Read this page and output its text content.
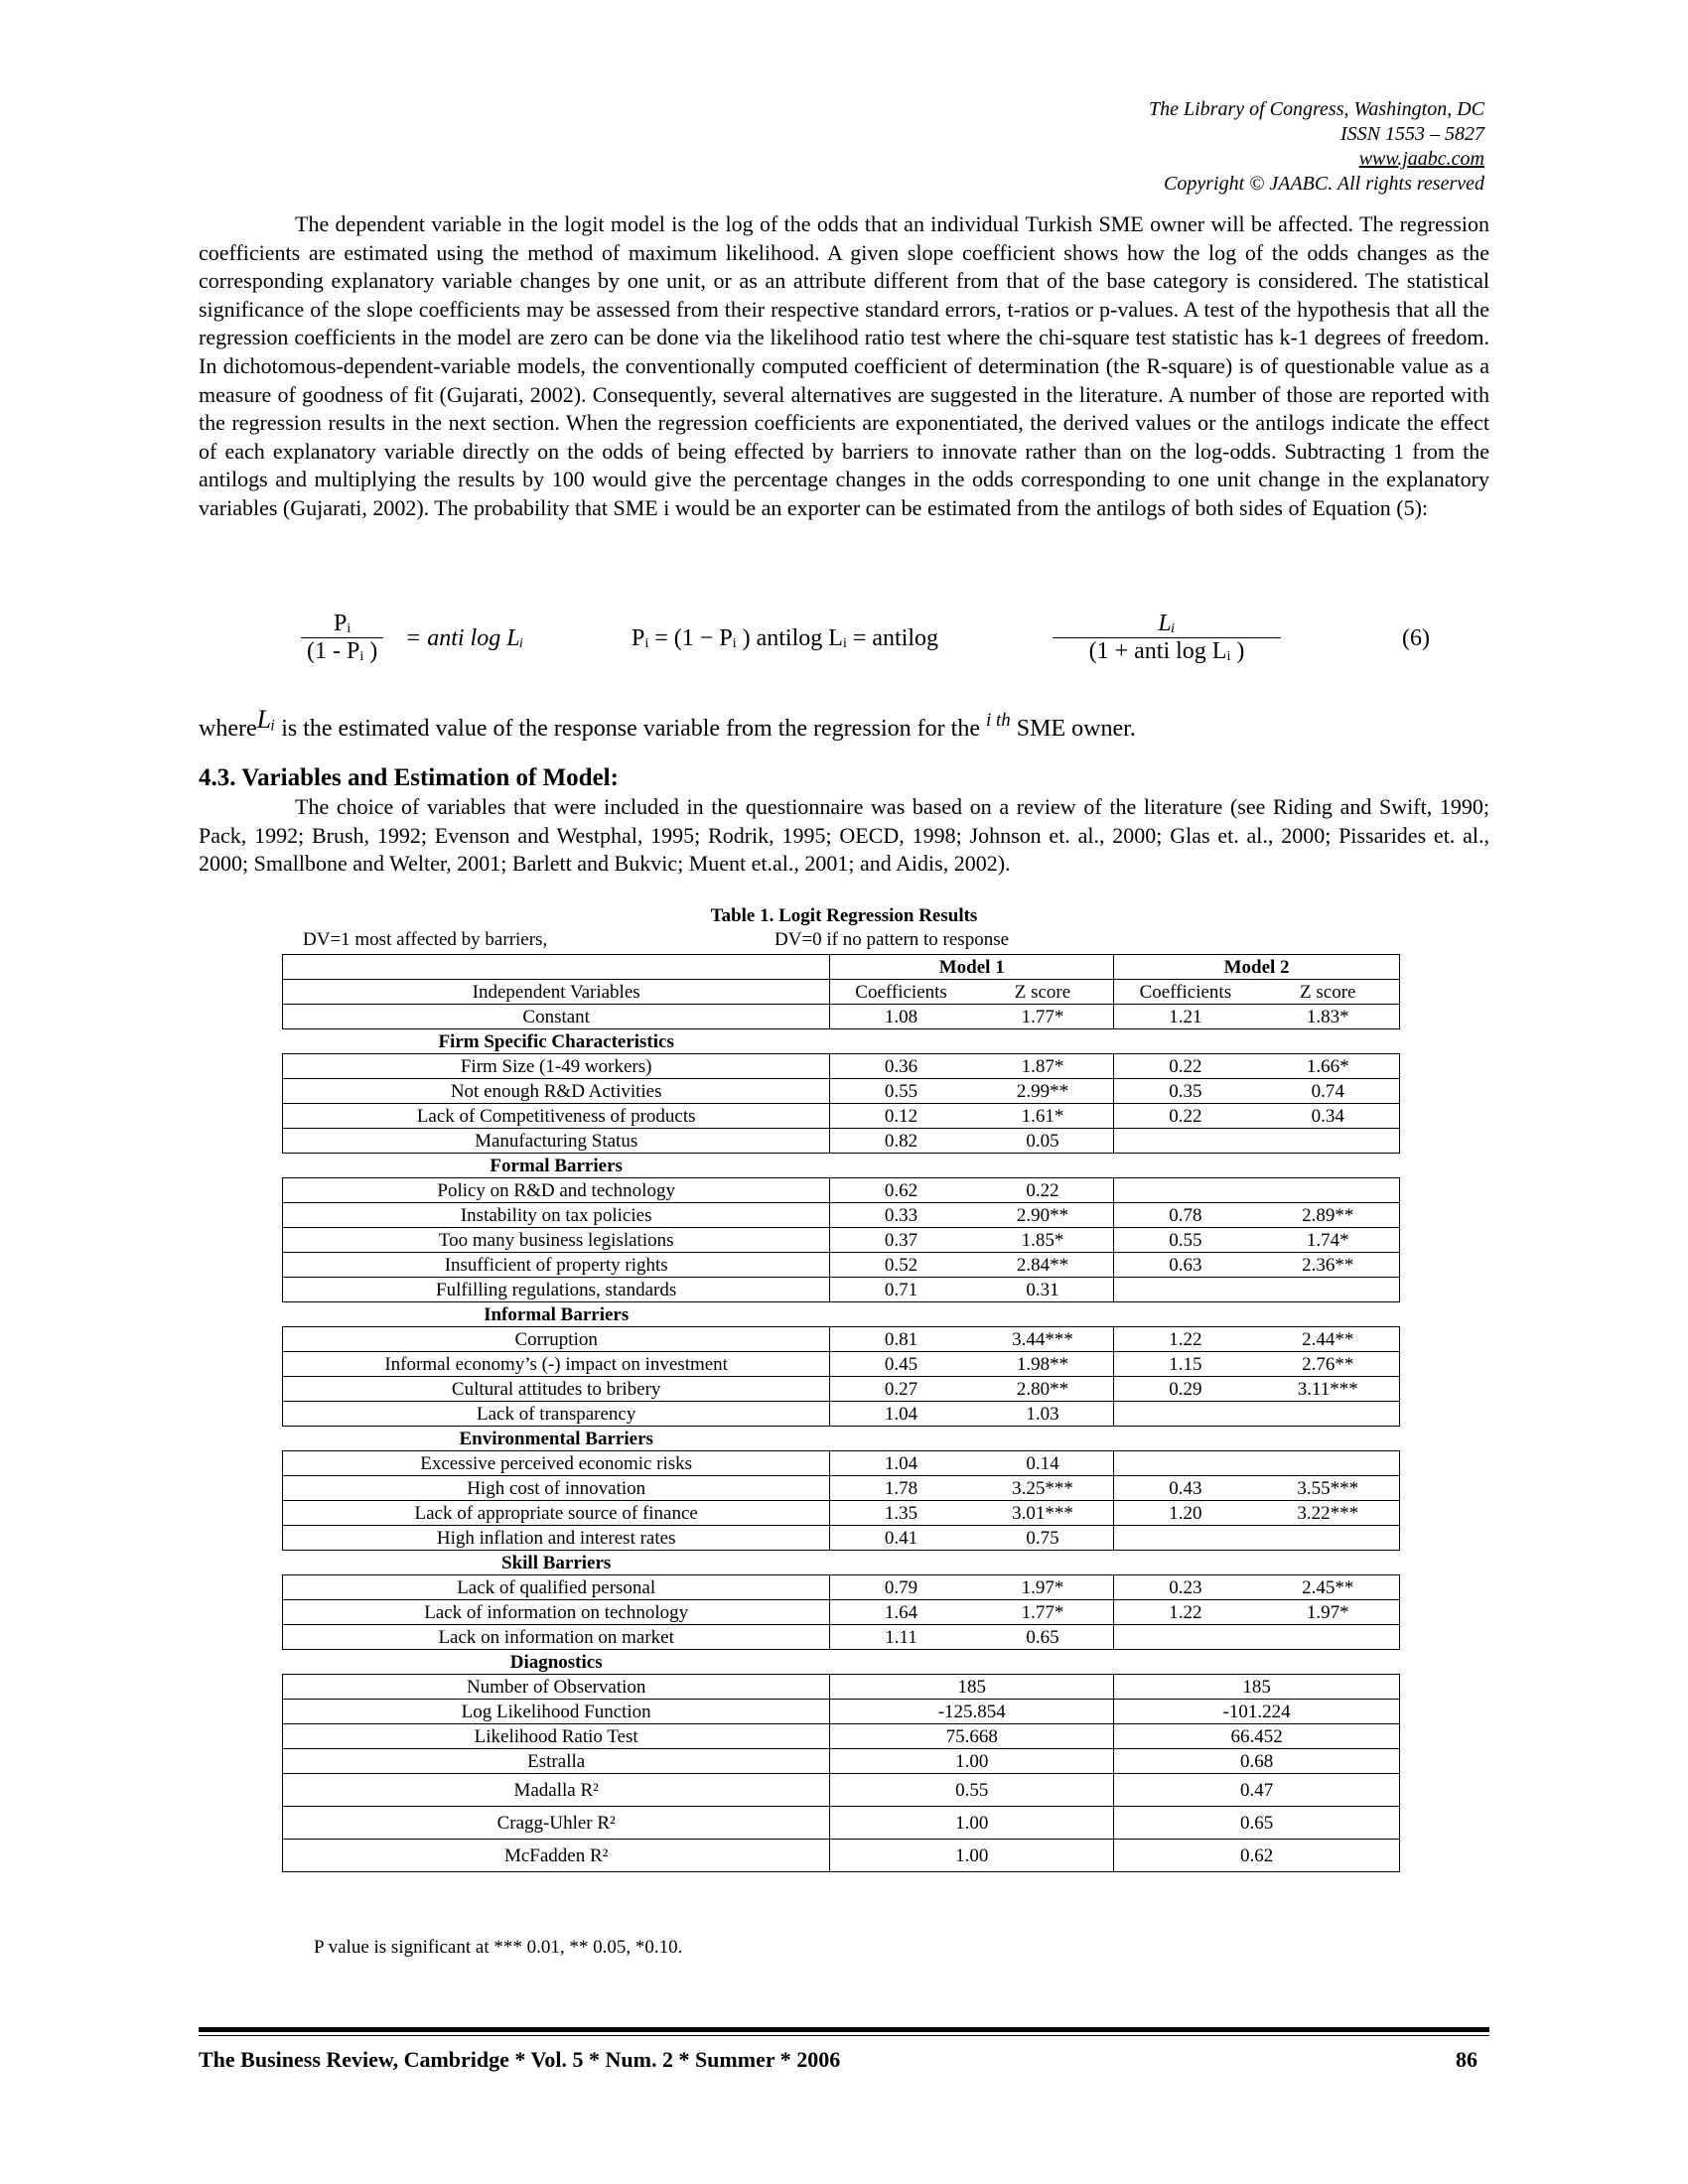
The Library of Congress, Washington, DC
ISSN 1553 – 5827
www.jaabc.com
Copyright © JAABC. All rights reserved

The dependent variable in the logit model is the log of the odds that an individual Turkish SME owner will be affected. The regression coefficients are estimated using the method of maximum likelihood. A given slope coefficient shows how the log of the odds changes as the corresponding explanatory variable changes by one unit, or as an attribute different from that of the base category is considered. The statistical significance of the slope coefficients may be assessed from their respective standard errors, t-ratios or p-values. A test of the hypothesis that all the regression coefficients in the model are zero can be done via the likelihood ratio test where the chi-square test statistic has k-1 degrees of freedom. In dichotomous-dependent-variable models, the conventionally computed coefficient of determination (the R-square) is of questionable value as a measure of goodness of fit (Gujarati, 2002). Consequently, several alternatives are suggested in the literature. A number of those are reported with the regression results in the next section. When the regression coefficients are exponentiated, the derived values or the antilogs indicate the effect of each explanatory variable directly on the odds of being effected by barriers to innovate rather than on the log-odds. Subtracting 1 from the antilogs and multiplying the results by 100 would give the percentage changes in the odds corresponding to one unit change in the explanatory variables (Gujarati, 2002). The probability that SME i would be an exporter can be estimated from the antilogs of both sides of Equation (5):

$\frac{\text{Pᵢ}}{\text{(1 - Pᵢ )}}$ = anti log Lᵢ	Pᵢ = (1 − Pᵢ ) antilog Lᵢ = antilog
Lᵢ
(1 + anti log Lᵢ )	(6)
whereLᵢ is the estimated value of the response variable from the regression for the $^{i th}$ SME owner.
4.3. Variables and Estimation of Model:

The choice of variables that were included in the questionnaire was based on a review of the literature (see Riding and Swift, 1990; Pack, 1992; Brush, 1992; Evenson and Westphal, 1995; Rodrik, 1995; OECD, 1998; Johnson et. al., 2000; Glas et. al., 2000; Pissarides et. al., 2000; Smallbone and Welter, 2001; Barlett and Bukvic; Muent et.al., 2001; and Aidis, 2002).

Table 1. Logit Regression Results
DV=1 most affected by barriers,	DV=0 if no pattern to response
	Model 1		Model 2	
Independent Variables	Coefficients	Z score	Coefficients	Z score
Constant	1.08	1.77*	1.21	1.83*
Firm Specific Characteristics				
Firm Size (1-49 workers)	0.36	1.87*	0.22	1.66*
Not enough R&D Activities	0.55	2.99**	0.35	0.74
Lack of Competitiveness of products	0.12	1.61*	0.22	0.34
Manufacturing Status	0.82	0.05		
Formal Barriers				
Policy on R&D and technology	0.62	0.22		
Instability on tax policies	0.33	2.90**	0.78	2.89**
Too many business legislations	0.37	1.85*	0.55	1.74*
Insufficient of property rights	0.52	2.84**	0.63	2.36**
Fulfilling regulations, standards	0.71	0.31		
Informal Barriers				
Corruption	0.81	3.44***	1.22	2.44**
Informal economy’s (-) impact on investment	0.45	1.98**	1.15	2.76**
Cultural attitudes to bribery	0.27	2.80**	0.29	3.11***
Lack of transparency	1.04	1.03		
Environmental Barriers				
Excessive perceived economic risks	1.04	0.14		
High cost of innovation	1.78	3.25***	0.43	3.55***
Lack of appropriate source of finance	1.35	3.01***	1.20	3.22***
High inflation and interest rates	0.41	0.75		
Skill Barriers				
Lack of qualified personal	0.79	1.97*	0.23	2.45**
Lack of information on technology	1.64	1.77*	1.22	1.97*
Lack on information on market	1.11	0.65		
Diagnostics				
Number of Observation	185		185	
Log Likelihood Function	-125.854		-101.224	
Likelihood Ratio Test	75.668		66.452	
Estralla	1.00		0.68	
Madalla R²	0.55		0.47	
Cragg-Uhler R²	1.00		0.65	
McFadden R²	1.00		0.62	
P value is significant at *** 0.01, ** 0.05, *0.10.
The Business Review, Cambridge * Vol. 5 * Num. 2 * Summer * 2006	86
